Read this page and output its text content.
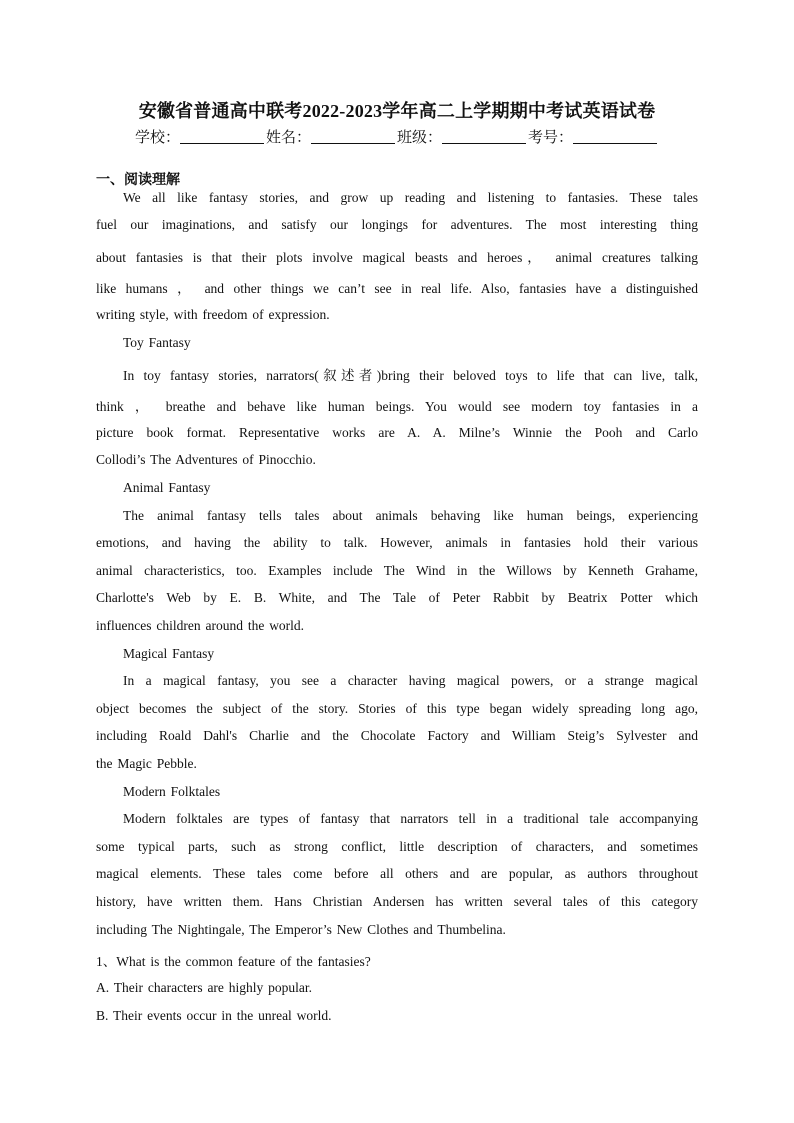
安徽省普通高中联考2022-2023学年高二上学期期中考试英语试卷
学校：	姓名：	班级：	考号：
一、阅读理解
We all like fantasy stories, and grow up reading and listening to fantasies. These tales
fuel our imaginations, and satisfy our longings for adventures. The most interesting thing
about fantasies is that their plots involve magical beasts and heroes， animal creatures talking
like humans ， and other things we can’t see in real life. Also, fantasies have a distinguished
writing style, with freedom of expression.
Toy Fantasy
In toy fantasy stories, narrators(叙述者)bring their beloved toys to life that can live, talk,
think ， breathe and behave like human beings. You would see modern toy fantasies in a
picture book format. Representative works are A. A. Milne’s Winnie the Pooh and Carlo
Collodi’s The Adventures of Pinocchio.
Animal Fantasy
The animal fantasy tells tales about animals behaving like human beings, experiencing
emotions, and having the ability to talk. However, animals in fantasies hold their various
animal characteristics, too. Examples include The Wind in the Willows by Kenneth Grahame,
Charlotte's Web by E. B. White, and The Tale of Peter Rabbit by Beatrix Potter which
influences children around the world.
Magical Fantasy
In a magical fantasy, you see a character having magical powers, or a strange magical
object becomes the subject of the story. Stories of this type began widely spreading long ago,
including Roald Dahl's Charlie and the Chocolate Factory and William Steig’s Sylvester and
the Magic Pebble.
Modern Folktales
Modern folktales are types of fantasy that narrators tell in a traditional tale accompanying
some typical parts, such as strong conflict, little description of characters, and sometimes
magical elements. These tales come before all others and are popular, as authors throughout
history, have written them. Hans Christian Andersen has written several tales of this category
including The Nightingale, The Emperor’s New Clothes and Thumbelina.
1、What is the common feature of the fantasies?
A. Their characters are highly popular.
B. Their events occur in the unreal world.
